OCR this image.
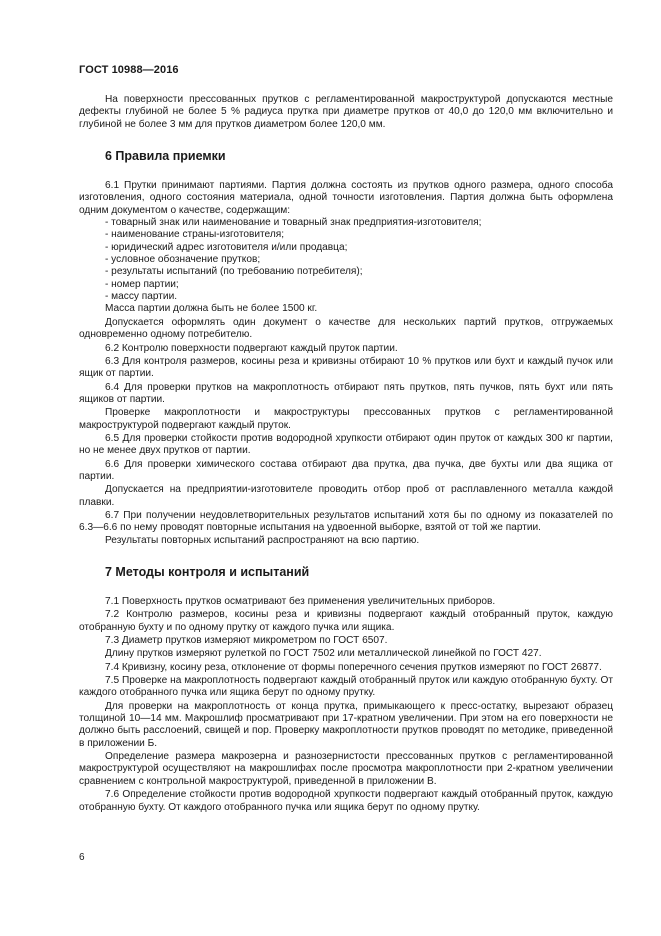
ГОСТ 10988—2016

На поверхности прессованных прутков с регламентированной макроструктурой допускаются местные дефекты глубиной не более 5 % радиуса прутка при диаметре прутков от 40,0 до 120,0 мм включительно и глубиной не более 3 мм для прутков диаметром более 120,0 мм.

6 Правила приемки

6.1 Прутки принимают партиями. Партия должна состоять из прутков одного размера, одного способа изготовления, одного состояния материала, одной точности изготовления. Партия должна быть оформлена одним документом о качестве, содержащим:

- товарный знак или наименование и товарный знак предприятия-изготовителя;
- наименование страны-изготовителя;
- юридический адрес изготовителя и/или продавца;
- условное обозначение прутков;
- результаты испытаний (по требованию потребителя);
- номер партии;
- массу партии.

Масса партии должна быть не более 1500 кг.

Допускается оформлять один документ о качестве для нескольких партий прутков, отгружаемых одновременно одному потребителю.

6.2 Контролю поверхности подвергают каждый пруток партии.

6.3 Для контроля размеров, косины реза и кривизны отбирают 10 % прутков или бухт и каждый пучок или ящик от партии.

6.4 Для проверки прутков на макроплотность отбирают пять прутков, пять пучков, пять бухт или пять ящиков от партии.

Проверке макроплотности и макроструктуры прессованных прутков с регламентированной макроструктурой подвергают каждый пруток.

6.5 Для проверки стойкости против водородной хрупкости отбирают один пруток от каждых 300 кг партии, но не менее двух прутков от партии.

6.6 Для проверки химического состава отбирают два прутка, два пучка, две бухты или два ящика от партии.

Допускается на предприятии-изготовителе проводить отбор проб от расплавленного металла каждой плавки.

6.7 При получении неудовлетворительных результатов испытаний хотя бы по одному из показателей по 6.3—6.6 по нему проводят повторные испытания на удвоенной выборке, взятой от той же партии.

Результаты повторных испытаний распространяют на всю партию.

7 Методы контроля и испытаний

7.1 Поверхность прутков осматривают без применения увеличительных приборов.

7.2 Контролю размеров, косины реза и кривизны подвергают каждый отобранный пруток, каждую отобранную бухту и по одному прутку от каждого пучка или ящика.

7.3 Диаметр прутков измеряют микрометром по ГОСТ 6507.

Длину прутков измеряют рулеткой по ГОСТ 7502 или металлической линейкой по ГОСТ 427.

7.4 Кривизну, косину реза, отклонение от формы поперечного сечения прутков измеряют по ГОСТ 26877.

7.5 Проверке на макроплотность подвергают каждый отобранный пруток или каждую отобранную бухту. От каждого отобранного пучка или ящика берут по одному прутку.

Для проверки на макроплотность от конца прутка, примыкающего к пресс-остатку, вырезают образец толщиной 10—14 мм. Макрошлиф просматривают при 17-кратном увеличении. При этом на его поверхности не должно быть расслоений, свищей и пор. Проверку макроплотности прутков проводят по методике, приведенной в приложении Б.

Определение размера макрозерна и разнозернистости прессованных прутков с регламентированной макроструктурой осуществляют на макрошлифах после просмотра макроплотности при 2-кратном увеличении сравнением с контрольной макроструктурой, приведенной в приложении В.

7.6 Определение стойкости против водородной хрупкости подвергают каждый отобранный пруток, каждую отобранную бухту. От каждого отобранного пучка или ящика берут по одному прутку.

6
